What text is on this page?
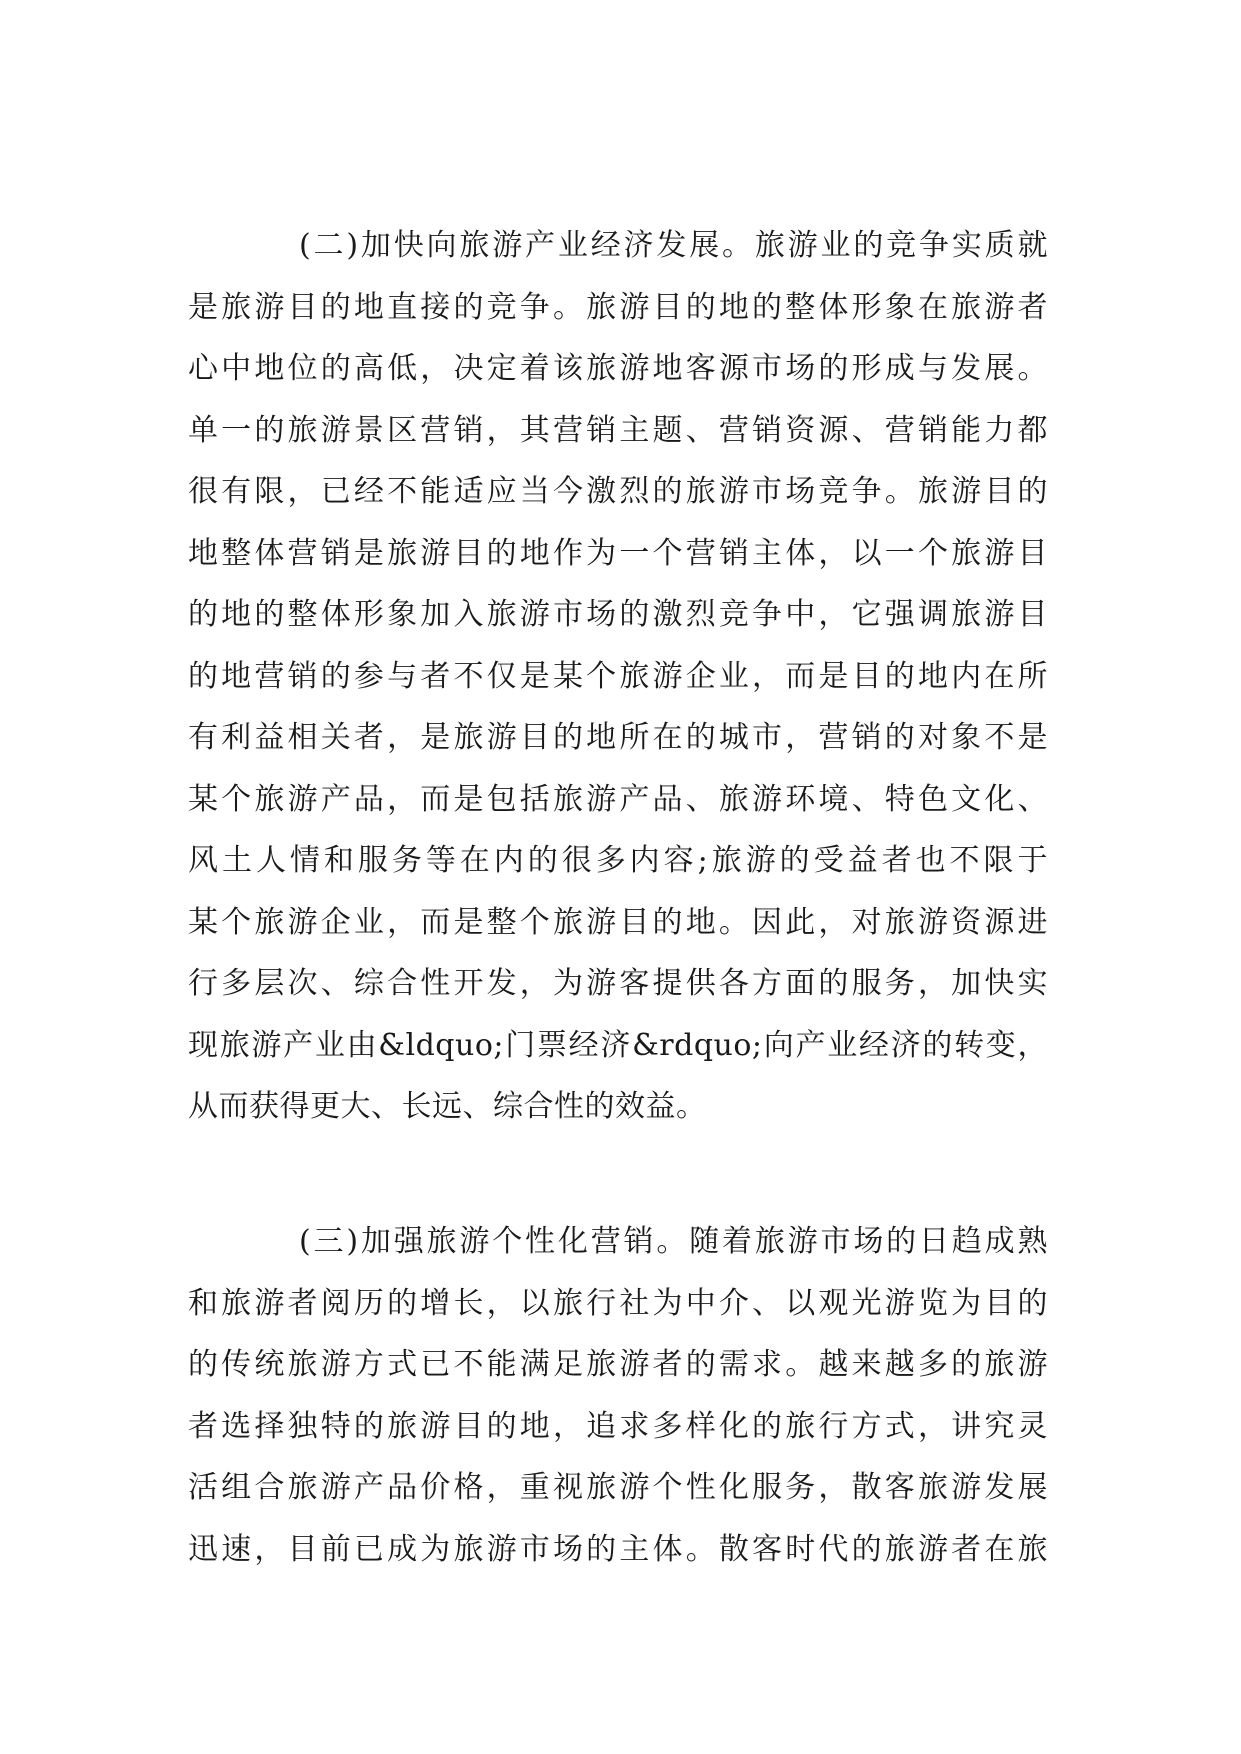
(二)加快向旅游产业经济发展。旅游业的竞争实质就
是旅游目的地直接的竞争。旅游目的地的整体形象在旅游者
心中地位的高低，决定着该旅游地客源市场的形成与发展。
单一的旅游景区营销，其营销主题、营销资源、营销能力都
很有限，已经不能适应当今激烈的旅游市场竞争。旅游目的
地整体营销是旅游目的地作为一个营销主体，以一个旅游目
的地的整体形象加入旅游市场的激烈竞争中，它强调旅游目
的地营销的参与者不仅是某个旅游企业，而是目的地内在所
有利益相关者，是旅游目的地所在的城市，营销的对象不是
某个旅游产品，而是包括旅游产品、旅游环境、特色文化、
风土人情和服务等在内的很多内容;旅游的受益者也不限于
某个旅游企业，而是整个旅游目的地。因此，对旅游资源进
行多层次、综合性开发，为游客提供各方面的服务，加快实
现旅游产业由&ldquo;门票经济&rdquo;向产业经济的转变，
从而获得更大、长远、综合性的效益。
(三)加强旅游个性化营销。随着旅游市场的日趋成熟
和旅游者阅历的增长，以旅行社为中介、以观光游览为目的
的传统旅游方式已不能满足旅游者的需求。越来越多的旅游
者选择独特的旅游目的地，追求多样化的旅行方式，讲究灵
活组合旅游产品价格，重视旅游个性化服务，散客旅游发展
迅速，目前已成为旅游市场的主体。散客时代的旅游者在旅
